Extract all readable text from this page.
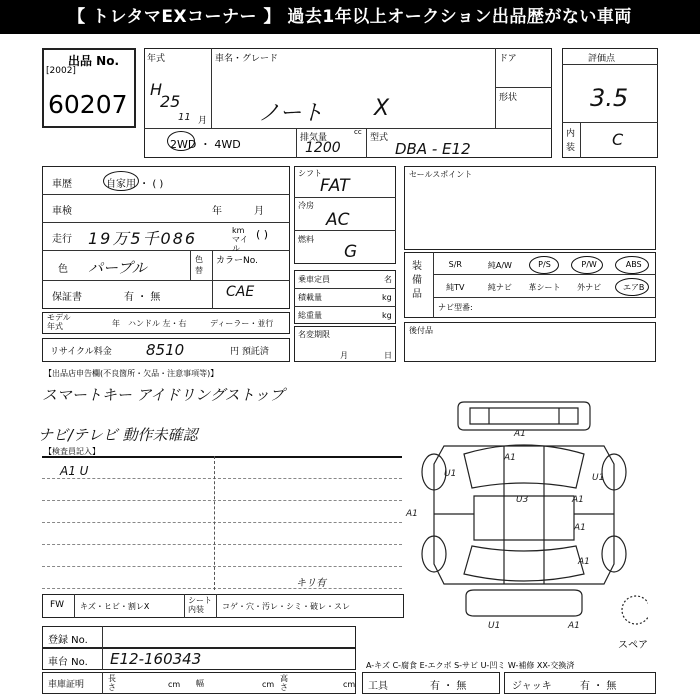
【 トレタマEXコーナー 】 過去1年以上オークション出品歴がない車両
出品 No.
[2002]
60207
年式
H
25
11 月
車名・グレード
ノート X
ドア
形状
2WD ・ 4WD	排気量
cc
1200
型式
DBA - E12
評価点
3.5
内
装 C
車歴	自家用 ・ ( )
車検	年	月
走行 19万5千086	km マイル
( )
色 パープル	色替
カラーNo.
CAE
保証書	有 ・ 無
モデル年式	年 ハンドル 左・右	ディーラー・並行
リサイクル料金 8510	円 預託済
シフト
FAT
冷房
AC
燃料
G
乗車定員	名
積載量	kg
総重量	kg
名変期限
月	日
セールスポイント
装備品
S/R	純A/W	P/S	P/W	ABS
純TV	純ナビ	革シート	外ナビ	エアB
ナビ型番:
後付品
【出品店申告欄(不良箇所・欠品・注意事項等)】
スマートキー アイドリングストップ
ナビ/テレビ 動作未確認
【検査員記入】
A1 U
A1
U1	U1
U3	A1
A1
A1
A1
U1	A1
A1
スペア
FW キズ・ヒビ・割レX
シート内装	コゲ・穴・汚レ・シミ・破レ・スレ
キリ有
登録 No.
車台 No. E12-160343
車庫証明
長さ	cm 幅	cm
高さ	cm
A-キズ C-腐食 E-エクボ S-サビ U-凹ミ W-補修 XX-交換済
工具	有 ・ 無	ジャッキ	有 ・ 無
